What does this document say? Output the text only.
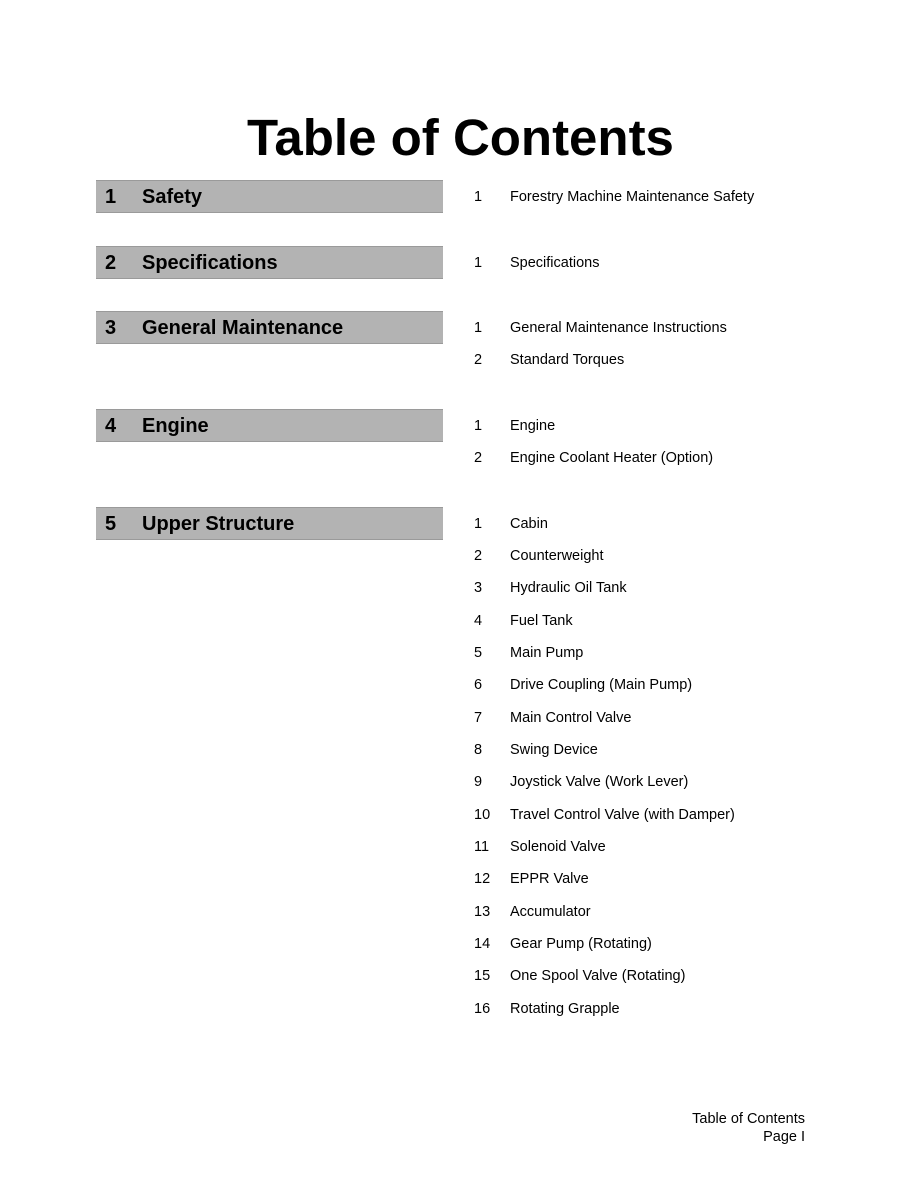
Table of Contents
1	Safety	1	Forestry Machine Maintenance Safety
2	Specifications	1	Specifications
3	General Maintenance	1	General Maintenance Instructions
2	Standard Torques
4	Engine	1	Engine
2	Engine Coolant Heater (Option)
5	Upper Structure	1	Cabin
2	Counterweight
3	Hydraulic Oil Tank
4	Fuel Tank
5	Main Pump
6	Drive Coupling (Main Pump)
7	Main Control Valve
8	Swing Device
9	Joystick Valve (Work Lever)
10	Travel Control Valve (with Damper)
11	Solenoid Valve
12	EPPR Valve
13	Accumulator
14	Gear Pump (Rotating)
15	One Spool Valve (Rotating)
16	Rotating Grapple
Table of Contents
Page I
